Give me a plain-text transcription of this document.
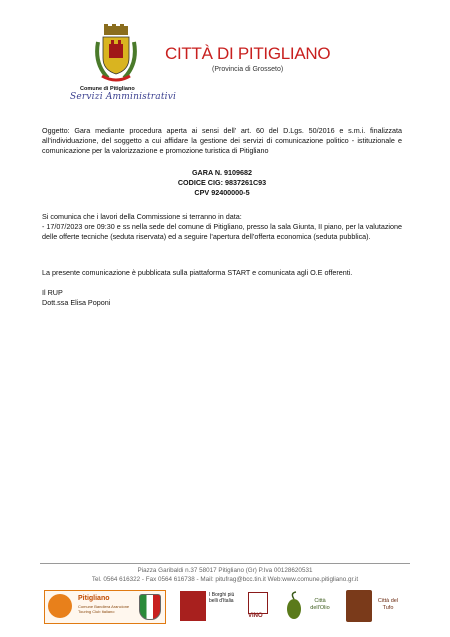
Comune di Pitigliano
Servizi Amministrativi
CITTÀ DI PITIGLIANO
(Provincia di Grosseto)
Oggetto: Gara mediante procedura aperta ai sensi dell’ art. 60 del D.Lgs. 50/2016 e s.m.i. finalizzata all’individuazione, del soggetto a cui affidare la gestione dei servizi di comunicazione politico - istituzionale e comunicazione per la valorizzazione e promozione turistica di Pitigliano
GARA N. 9109682
CODICE CIG: 9837261C93
CPV 92400000-5
Si comunica che i lavori della Commissione si terranno in data:
- 17/07/2023 ore 09:30 e ss nella sede del comune di Pitigliano, presso la sala Giunta, II piano, per la valutazione delle offerte tecniche (seduta riservata) ed a seguire l’apertura dell’offerta economica (seduta pubblica).
La presente comunicazione è pubblicata sulla piattaforma START e comunicata agli O.E offerenti.
Il RUP
Dott.ssa Elisa Poponi
Piazza Garibaldi n.37 58017 Pitigliano (Gr) P.Iva 00128620531
Tel. 0564 616322 - Fax 0564 616738 - Mail: pitufrag@bcc.tin.it Web:www.comune.pitigliano.gr.it
Pitigliano
Comune Bandiera Arancione Touring Club Italiano
I Borghi più belli d'Italia
VINO
Città dell'Olio
Città del Tufo
